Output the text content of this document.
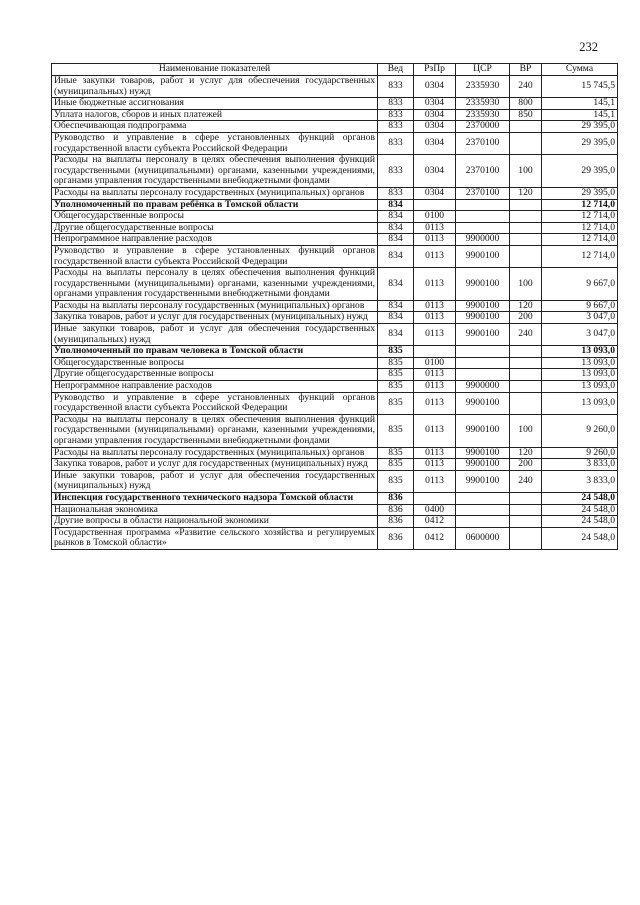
232
Наименование показателей	Вед	РзПр	ЦСР	ВР	Сумма
Иные закупки товаров, работ и услуг для обеспечения государственных (муниципальных) нужд	833	0304	2335930	240	15 745,5
Иные бюджетные ассигнования	833	0304	2335930	800	145,1
Уплата налогов, сборов и иных платежей	833	0304	2335930	850	145,1
Обеспечивающая подпрограмма	833	0304	2370000		29 395,0
Руководство и управление в сфере установленных функций органов государственной власти субъекта Российской Федерации	833	0304	2370100		29 395,0
Расходы на выплаты персоналу в целях обеспечения выполнения функций государственными (муниципальными) органами, казенными учреждениями, органами управления государственными внебюджетными фондами	833	0304	2370100	100	29 395,0
Расходы на выплаты персоналу государственных (муниципальных) органов	833	0304	2370100	120	29 395,0
Уполномоченный по правам ребёнка в Томской области	834				12 714,0
Общегосударственные вопросы	834	0100			12 714,0
Другие общегосударственные вопросы	834	0113			12 714,0
Непрограммное направление расходов	834	0113	9900000		12 714,0
Руководство и управление в сфере установленных функций органов государственной власти субъекта Российской Федерации	834	0113	9900100		12 714,0
Расходы на выплаты персоналу в целях обеспечения выполнения функций государственными (муниципальными) органами, казенными учреждениями, органами управления государственными внебюджетными фондами	834	0113	9900100	100	9 667,0
Расходы на выплаты персоналу государственных (муниципальных) органов	834	0113	9900100	120	9 667,0
Закупка товаров, работ и услуг для государственных (муниципальных) нужд	834	0113	9900100	200	3 047,0
Иные закупки товаров, работ и услуг для обеспечения государственных (муниципальных) нужд	834	0113	9900100	240	3 047,0
Уполномоченный по правам человека в Томской области	835				13 093,0
Общегосударственные вопросы	835	0100			13 093,0
Другие общегосударственные вопросы	835	0113			13 093,0
Непрограммное направление расходов	835	0113	9900000		13 093,0
Руководство и управление в сфере установленных функций органов государственной власти субъекта Российской Федерации	835	0113	9900100		13 093,0
Расходы на выплаты персоналу в целях обеспечения выполнения функций государственными (муниципальными) органами, казенными учреждениями, органами управления государственными внебюджетными фондами	835	0113	9900100	100	9 260,0
Расходы на выплаты персоналу государственных (муниципальных) органов	835	0113	9900100	120	9 260,0
Закупка товаров, работ и услуг для государственных (муниципальных) нужд	835	0113	9900100	200	3 833,0
Иные закупки товаров, работ и услуг для обеспечения государственных (муниципальных) нужд	835	0113	9900100	240	3 833,0
Инспекция государственного технического надзора Томской области	836				24 548,0
Национальная экономика	836	0400			24 548,0
Другие вопросы в области национальной экономики	836	0412			24 548,0
Государственная программа «Развитие сельского хозяйства и регулируемых рынков в Томской области»	836	0412	0600000		24 548,0
